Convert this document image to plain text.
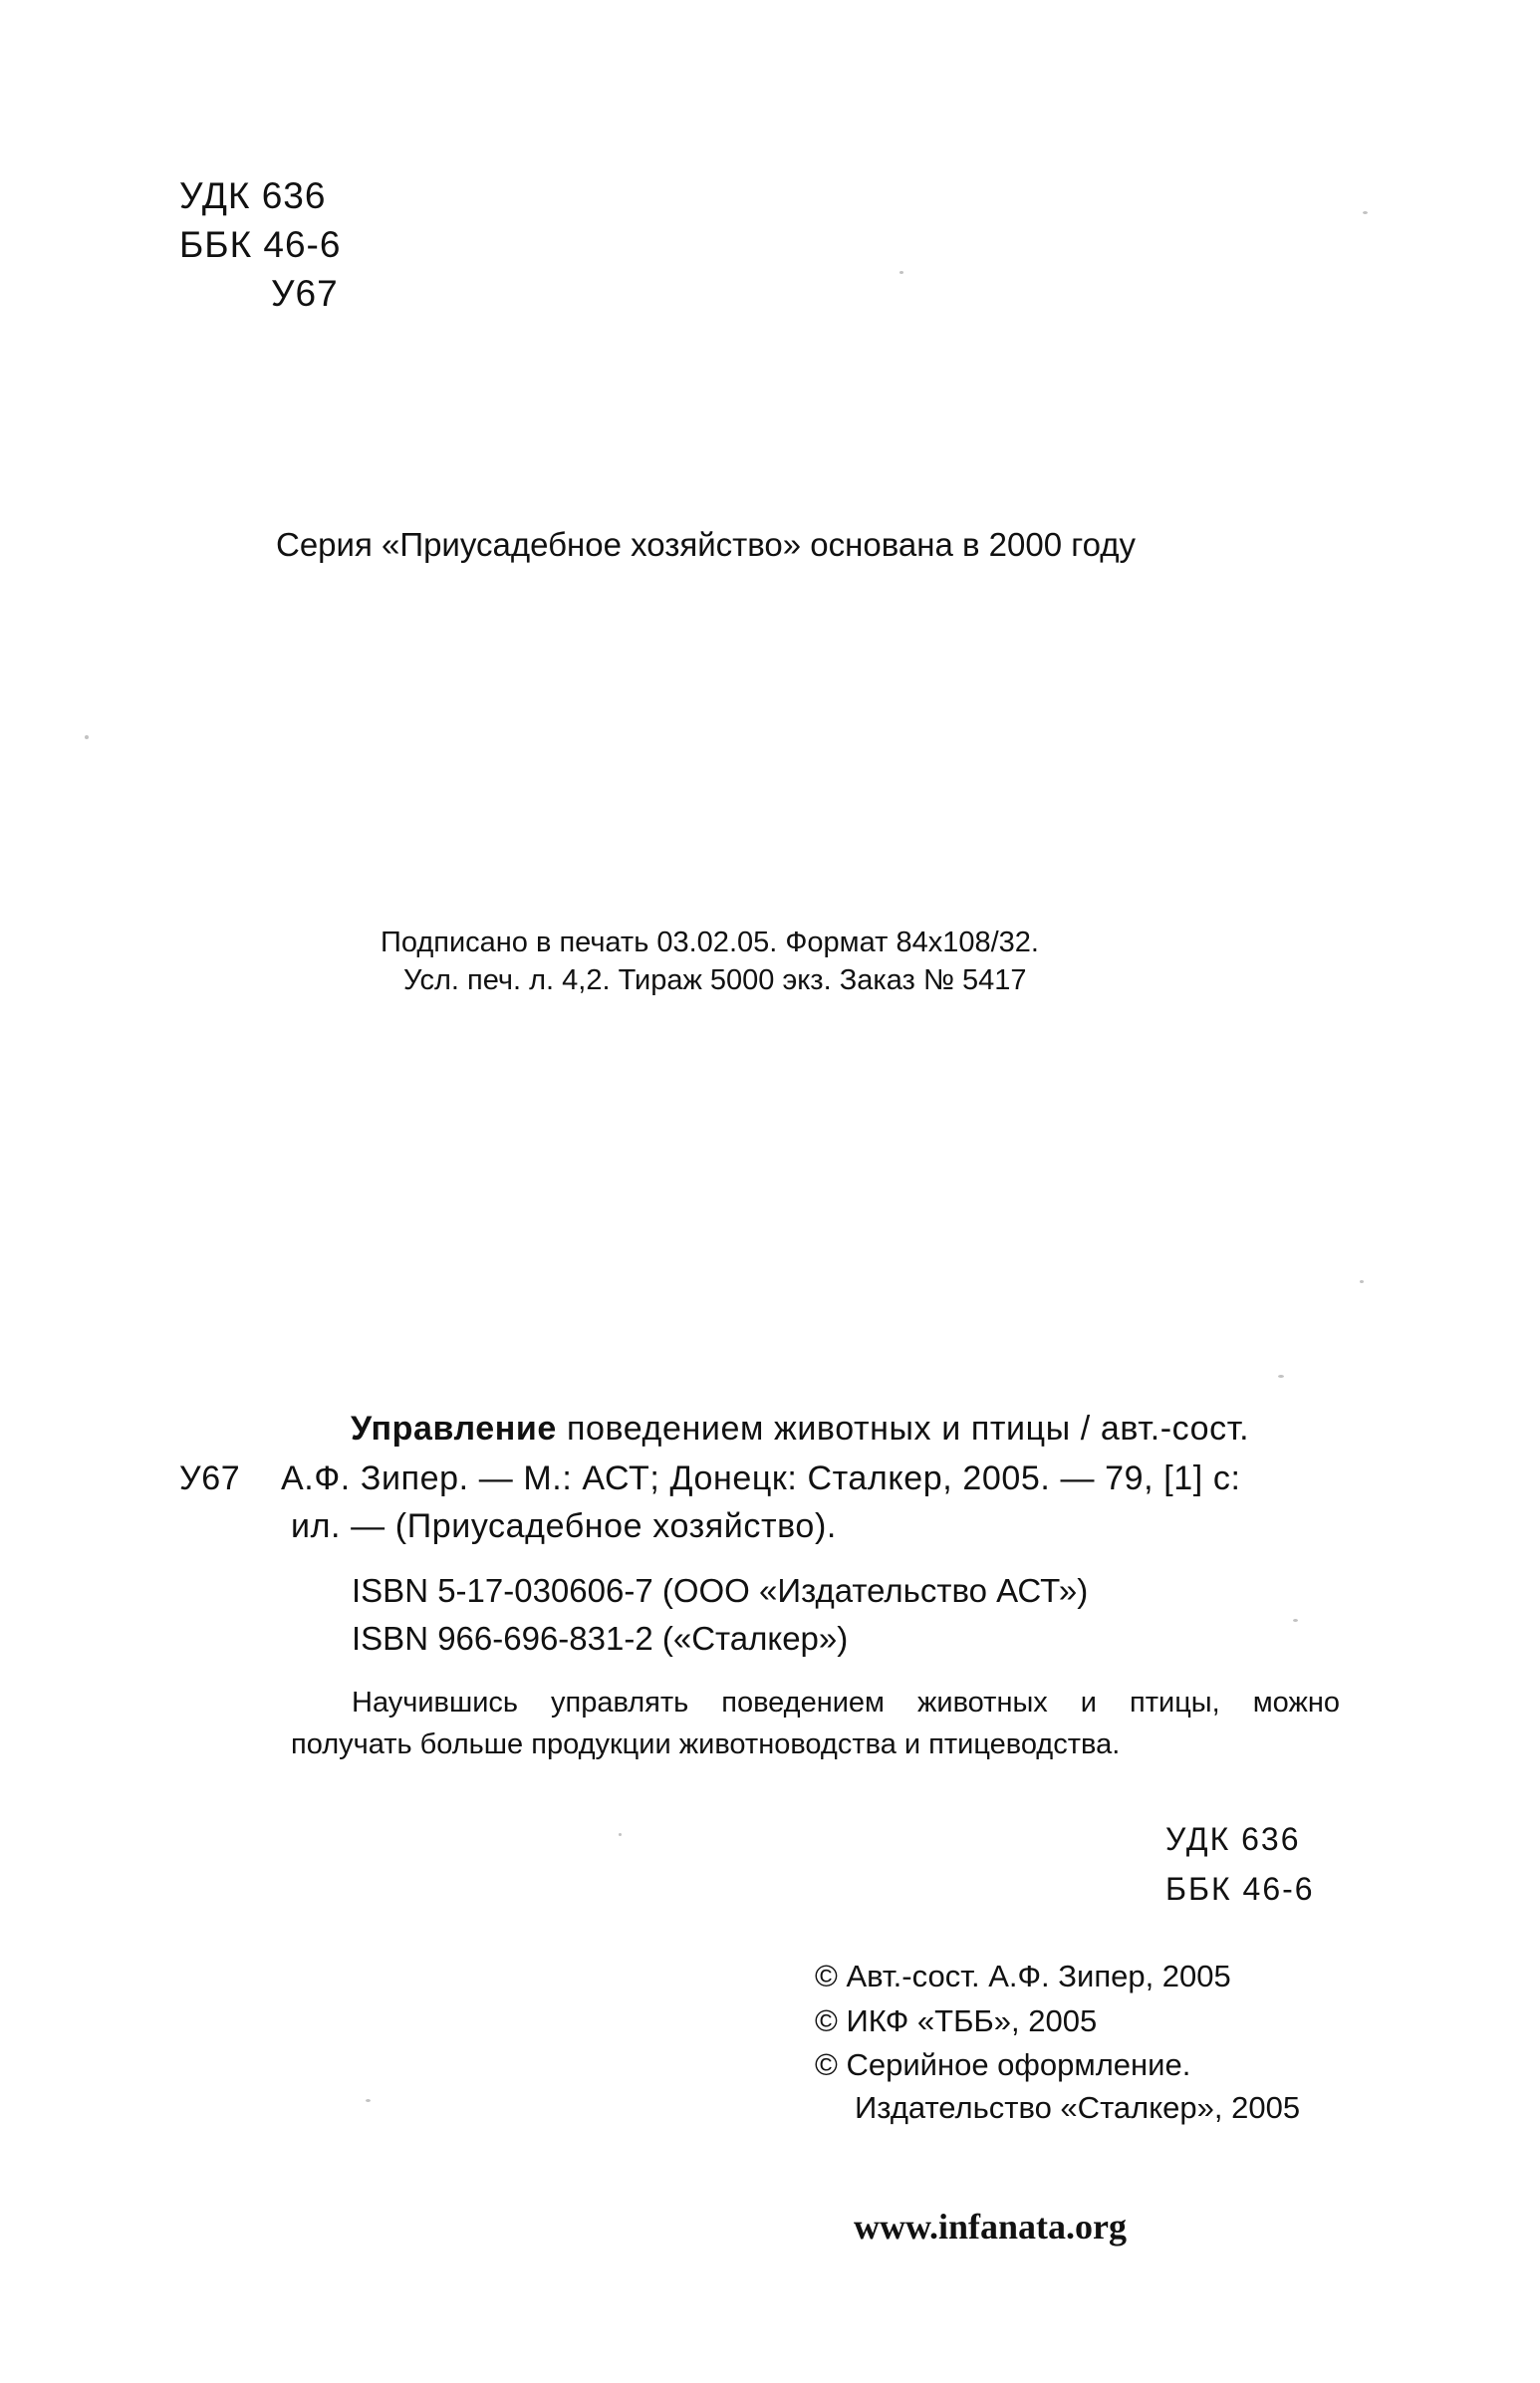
УДК 636
ББК 46-6
У67
Серия «Приусадебное хозяйство» основана в 2000 году
Подписано в печать 03.02.05. Формат 84x108/32.
Усл. печ. л. 4,2. Тираж 5000 экз. Заказ № 5417
Управление поведением животных и птицы / авт.-сост.
У67 А.Ф. Зипер. — М.: АСТ; Донецк: Сталкер, 2005. — 79, [1] с:
ил. — (Приусадебное хозяйство).
ISBN 5-17-030606-7 (ООО «Издательство АСТ»)
ISBN 966-696-831-2 («Сталкер»)
Научившись управлять поведением животных и птицы, можно
получать больше продукции животноводства и птицеводства.
УДК 636
ББК 46-6
© Авт.-сост. А.Ф. Зипер, 2005
© ИКФ «ТББ», 2005
© Серийное оформление.
Издательство «Сталкер», 2005
www.infanata.org
